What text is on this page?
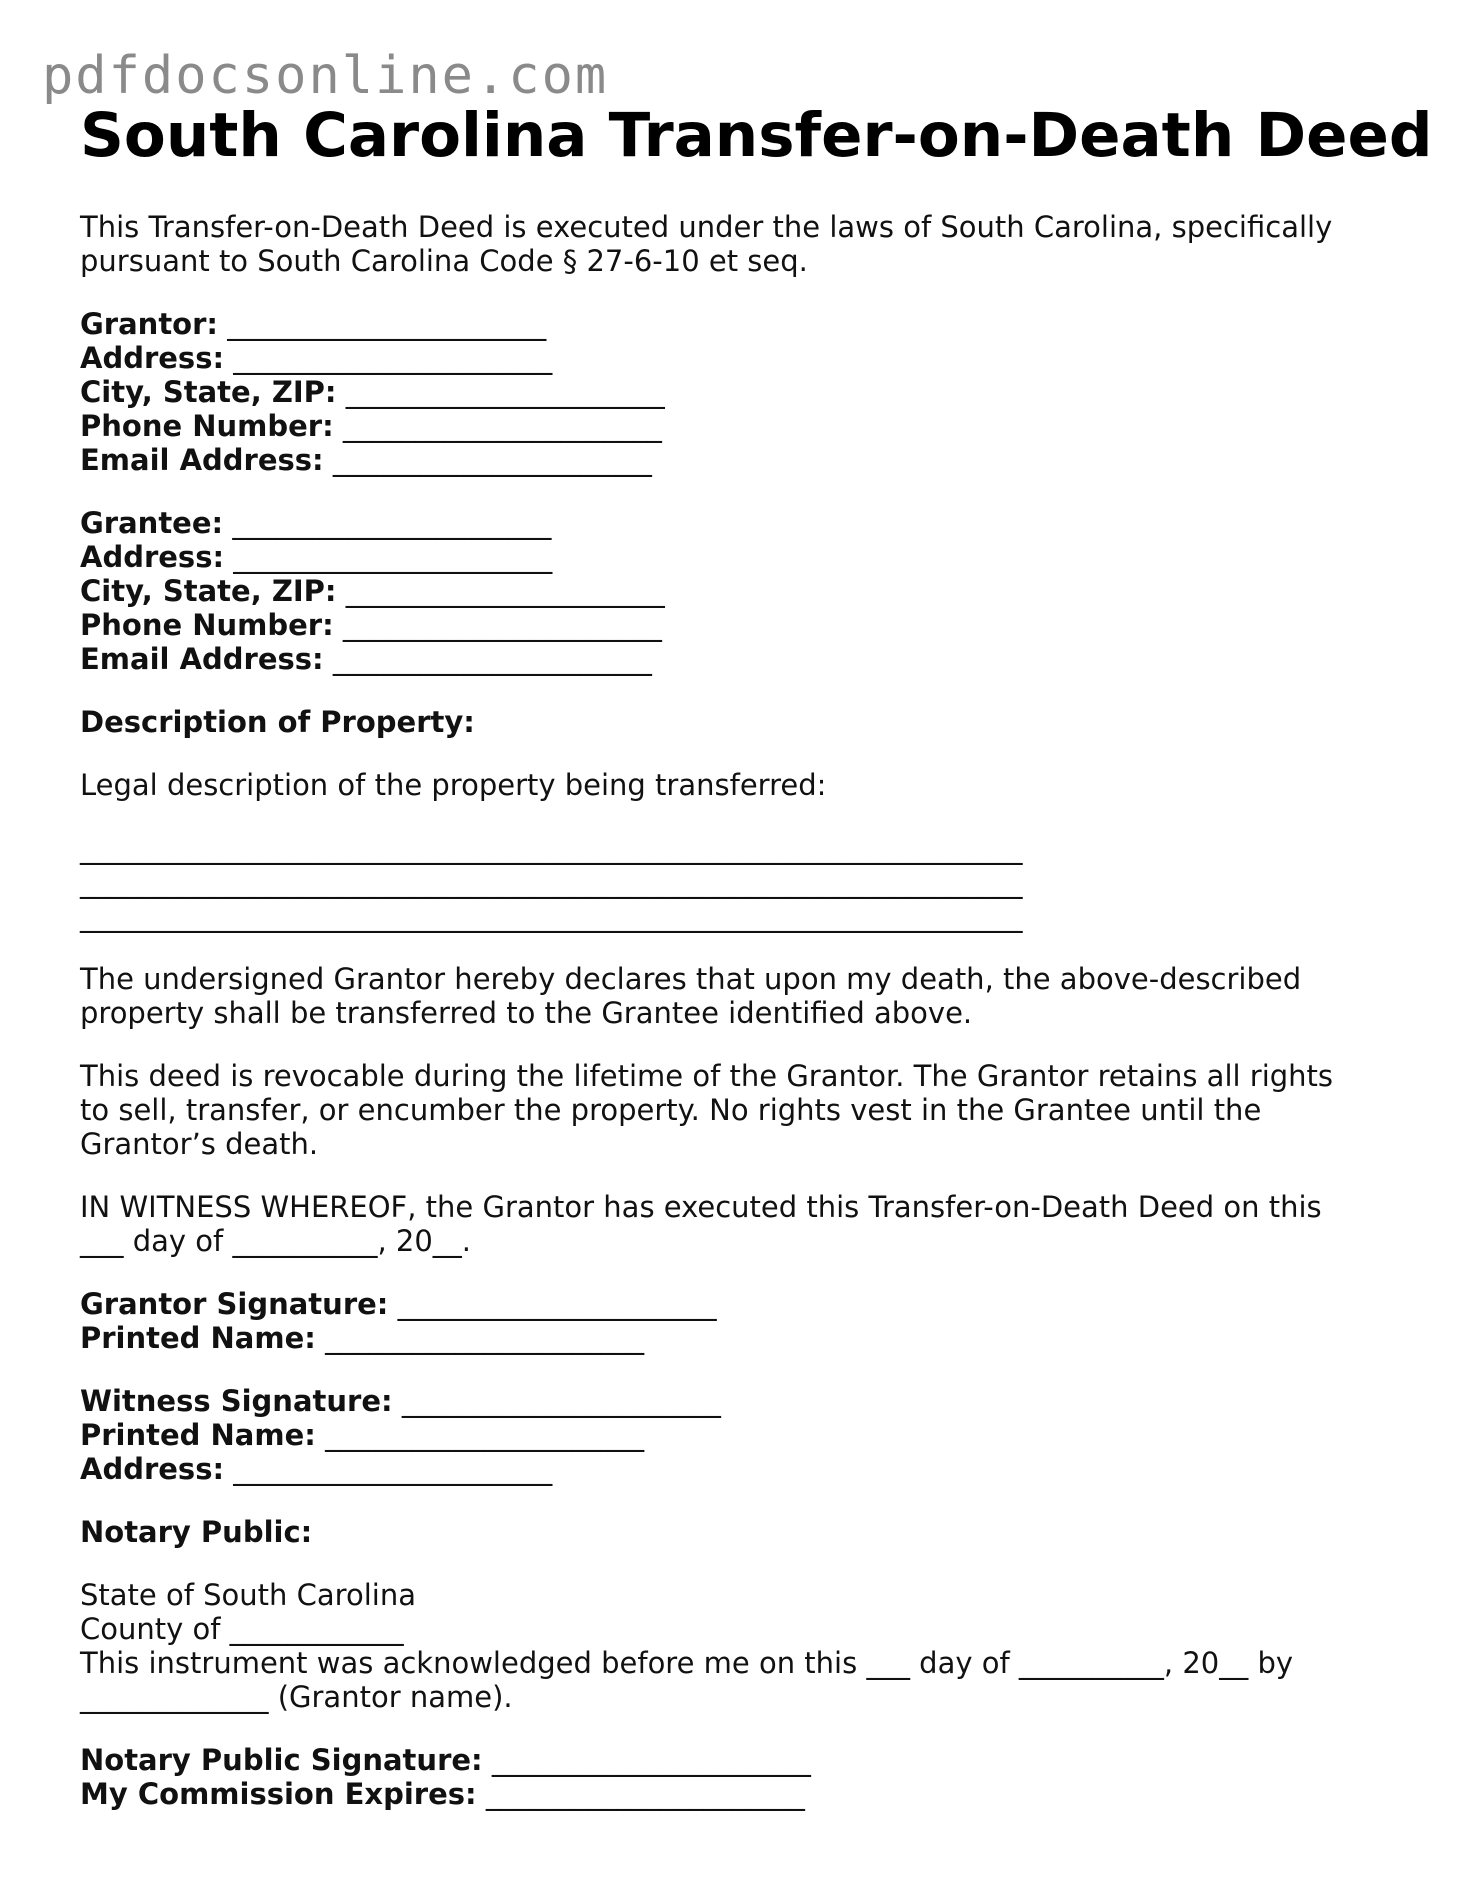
pdfdocsonline.com
South Carolina Transfer-on-Death Deed

This Transfer-on-Death Deed is executed under the laws of South Carolina, specifically pursuant to South Carolina Code § 27-6-10 et seq.

Grantor: ______________________

Address: ______________________

City, State, ZIP: ______________________

Phone Number: ______________________

Email Address: ______________________

Grantee: ______________________

Address: ______________________

City, State, ZIP: ______________________

Phone Number: ______________________

Email Address: ______________________

Description of Property:

Legal description of the property being transferred:

_________________________________________________________________

_________________________________________________________________

_________________________________________________________________

The undersigned Grantor hereby declares that upon my death, the above-described property shall be transferred to the Grantee identified above.

This deed is revocable during the lifetime of the Grantor. The Grantor retains all rights to sell, transfer, or encumber the property. No rights vest in the Grantee until the Grantor’s death.

IN WITNESS WHEREOF, the Grantor has executed this Transfer-on-Death Deed on this ___ day of __________, 20__.

Grantor Signature: ______________________

Printed Name: ______________________

Witness Signature: ______________________

Printed Name: ______________________

Address: ______________________

Notary Public:

State of South Carolina

County of ____________

This instrument was acknowledged before me on this ___ day of __________, 20__ by

_____________ (Grantor name).

Notary Public Signature: ______________________

My Commission Expires: ______________________
